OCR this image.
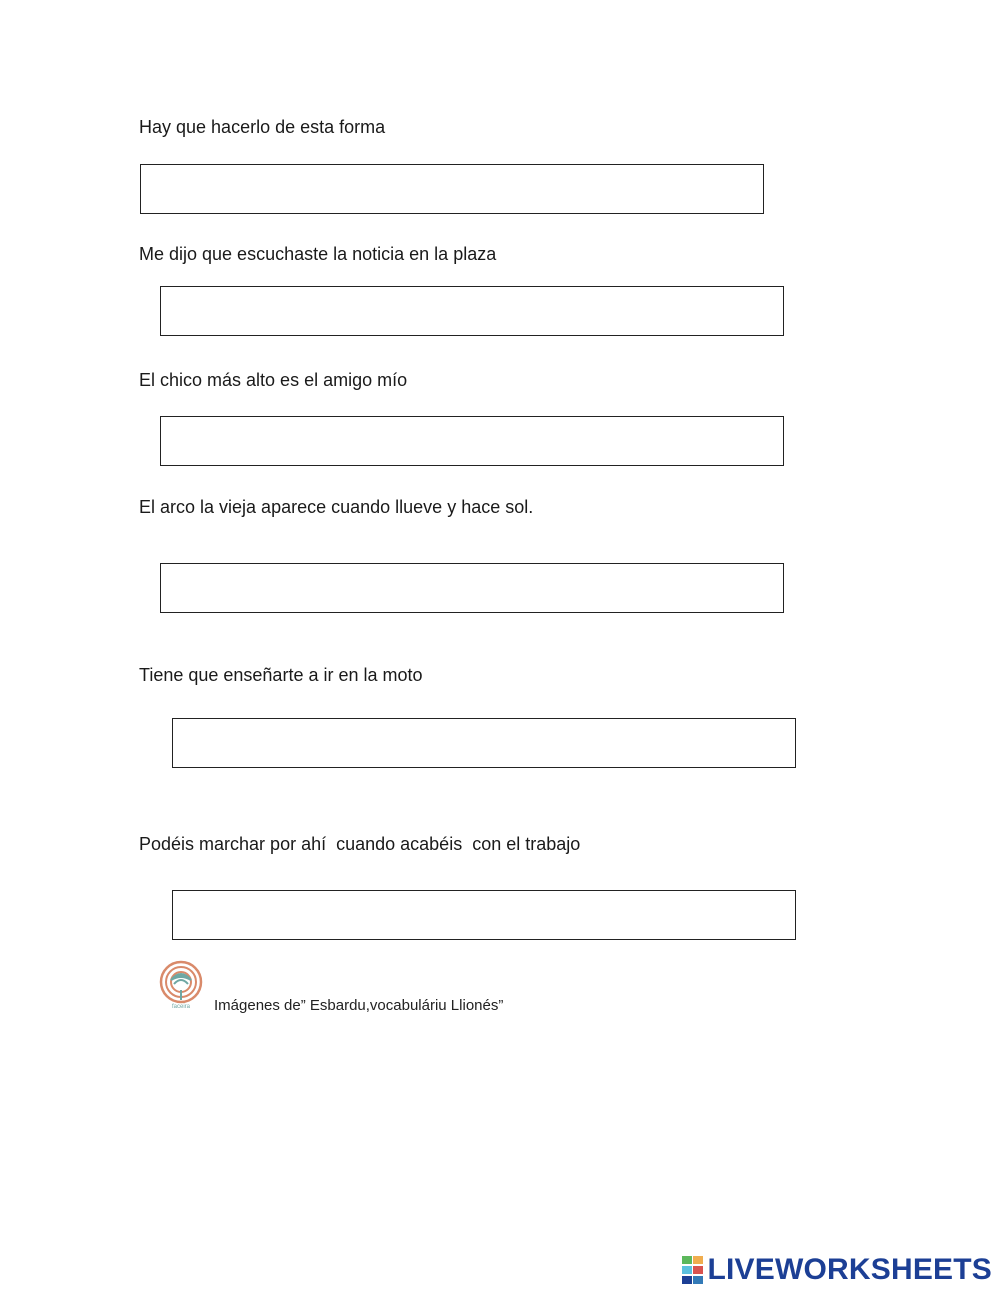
Hay que hacerlo de esta forma
Me dijo que escuchaste la noticia en la plaza
El chico más alto es el amigo mío
El arco la vieja aparece cuando llueve y hace sol.
Tiene que enseñarte a ir en la moto
Podéis marchar por ahí  cuando acabéis  con el trabajo
faceira Imágenes de” Esbardu,vocabuláriu Llionés”
LIVEWORKSHEETS
